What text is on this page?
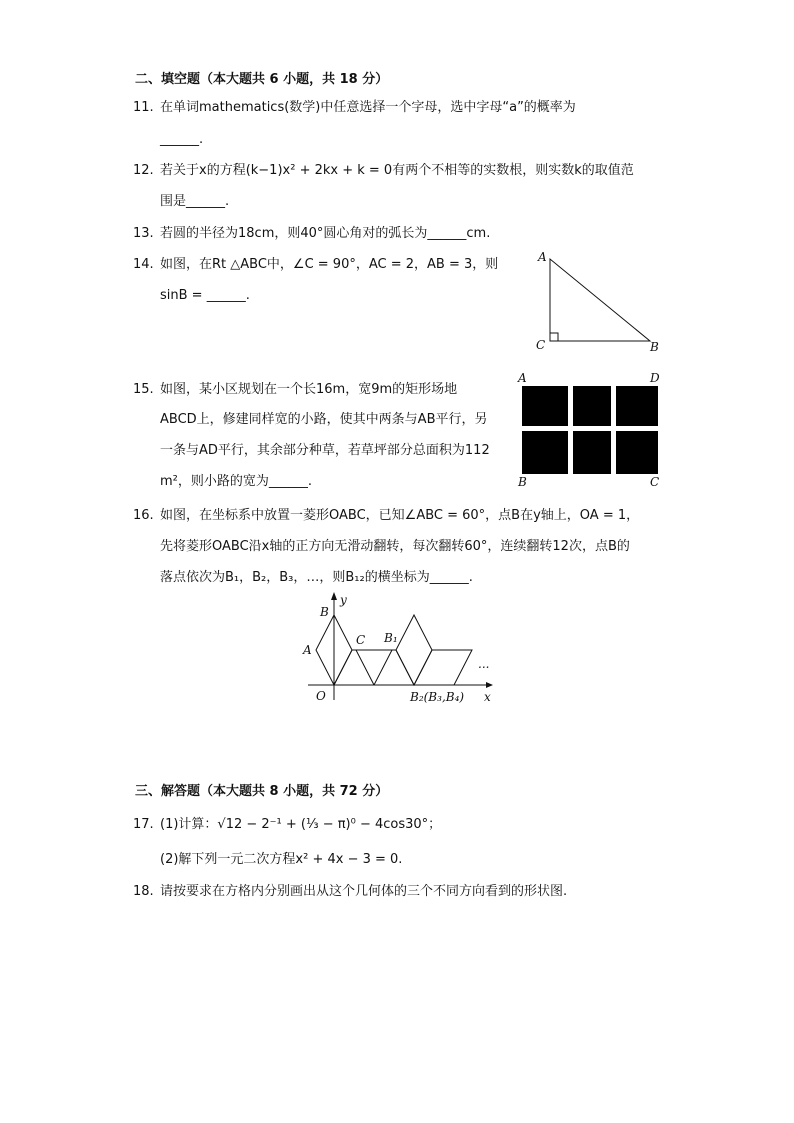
二、填空题（本大题共 6 小题，共 18 分）
11. 在单词mathematics(数学)中任意选择一个字母，选中字母“a”的概率为
______.
12. 若关于x的方程(k−1)x² + 2kx + k = 0有两个不相等的实数根，则实数k的取值范
围是______.
13. 若圆的半径为18cm，则40°圆心角对的弧长为______cm.
14. 如图，在Rt △ABC中，∠C = 90°，AC = 2，AB = 3，则
sinB = ______.
A
C	B
15. 如图，某小区规划在一个长16m，宽9m的矩形场地
ABCD上，修建同样宽的小路，使其中两条与AB平行，另
一条与AD平行，其余部分种草，若草坪部分总面积为112
m²，则小路的宽为______.
A	D
B	C
16. 如图，在坐标系中放置一菱形OABC，已知∠ABC = 60°，点B在y轴上，OA = 1，
先将菱形OABC沿x轴的正方向无滑动翻转，每次翻转60°，连续翻转12次，点B的
落点依次为B₁，B₂，B₃，…，则B₁₂的横坐标为______.
B
y
A
C B₁
O	B₂(B₃,B₄) x
...
三、解答题（本大题共 8 小题，共 72 分）
17. (1)计算：√12 − 2⁻¹ + (⅓ − π)⁰ − 4cos30°；
(2)解下列一元二次方程x² + 4x − 3 = 0.
18. 请按要求在方格内分别画出从这个几何体的三个不同方向看到的形状图.
